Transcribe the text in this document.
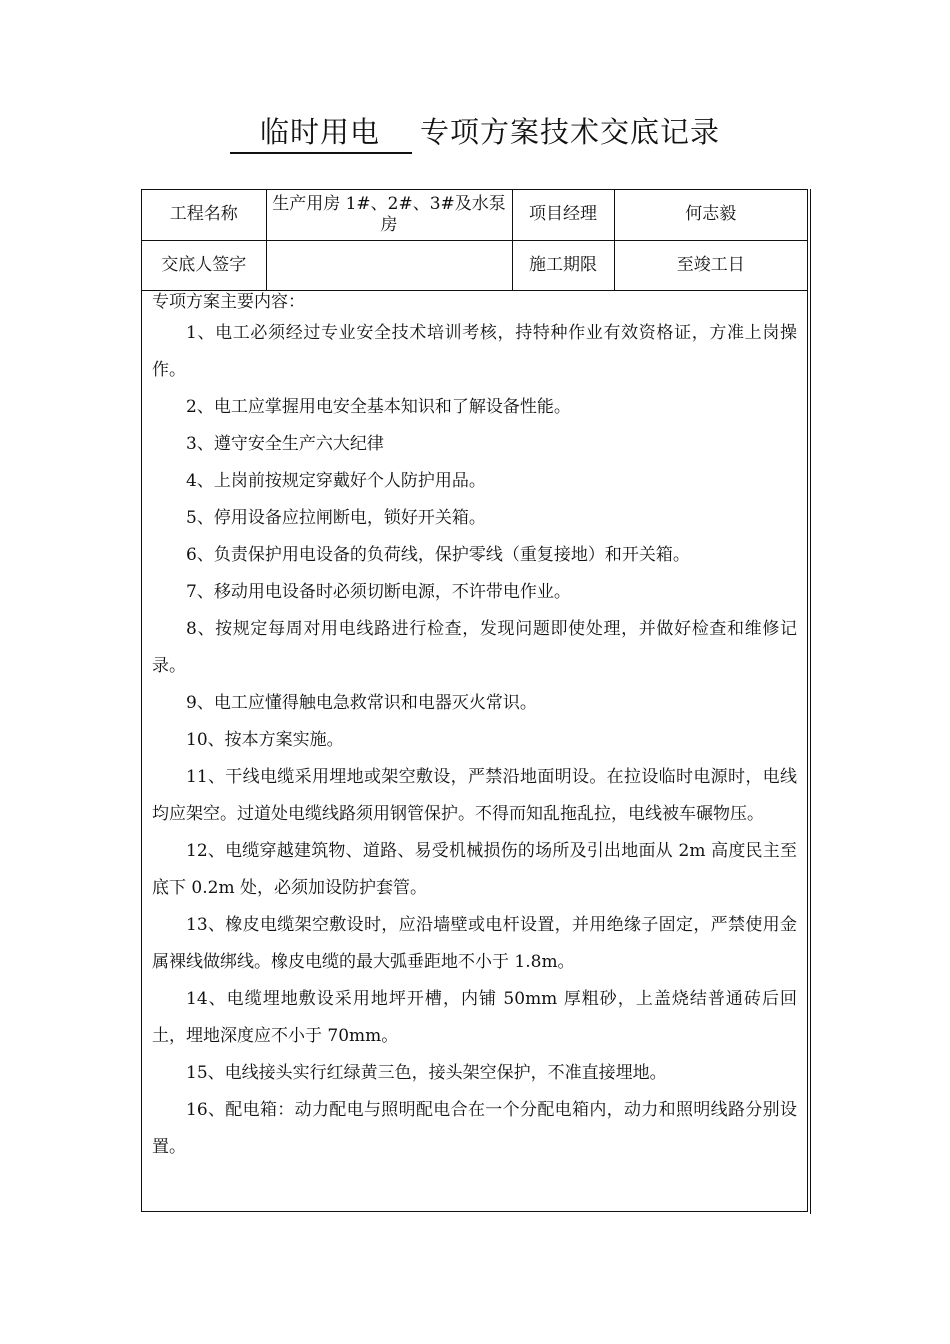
临时用电 专项方案技术交底记录
工程名称	生产用房 1#、2#、3#及水泵房	项目经理	何志毅
交底人签字		施工期限	至竣工日
专项方案主要内容：

1、电工必须经过专业安全技术培训考核，持特种作业有效资格证，方准上岗操作。

2、电工应掌握用电安全基本知识和了解设备性能。

3、遵守安全生产六大纪律

4、上岗前按规定穿戴好个人防护用品。

5、停用设备应拉闸断电，锁好开关箱。

6、负责保护用电设备的负荷线，保护零线（重复接地）和开关箱。

7、移动用电设备时必须切断电源，不许带电作业。

8、按规定每周对用电线路进行检查，发现问题即使处理，并做好检查和维修记录。

9、电工应懂得触电急救常识和电器灭火常识。

10、按本方案实施。

11、干线电缆采用埋地或架空敷设，严禁沿地面明设。在拉设临时电源时，电线均应架空。过道处电缆线路须用钢管保护。不得而知乱拖乱拉，电线被车碾物压。

12、电缆穿越建筑物、道路、易受机械损伤的场所及引出地面从 2m 高度民主至底下 0.2m 处，必须加设防护套管。

13、橡皮电缆架空敷设时，应沿墙壁或电杆设置，并用绝缘子固定，严禁使用金属裸线做绑线。橡皮电缆的最大弧垂距地不小于 1.8m。

14、电缆埋地敷设采用地坪开槽，内铺 50mm 厚粗砂，上盖烧结普通砖后回土，埋地深度应不小于 70mm。

15、电线接头实行红绿黄三色，接头架空保护，不准直接埋地。

16、配电箱：动力配电与照明配电合在一个分配电箱内，动力和照明线路分别设置。
